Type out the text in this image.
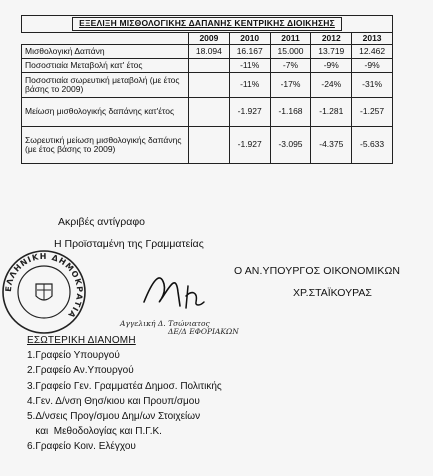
ΕΞΕΛΙΞΗ ΜΙΣΘΟΛΟΓΙΚΗΣ ΔΑΠΑΝΗΣ ΚΕΝΤΡΙΚΗΣ ΔΙΟΙΚΗΣΗΣ					
	2009	2010	2011	2012	2013
Μισθολογική Δαπάνη	18.094	16.167	15.000	13.719	12.462
Ποσοστιαία Μεταβολή κατ' έτος		-11%	-7%	-9%	-9%
Ποσοστιαία σωρευτική μεταβολή (με έτος βάσης το 2009)		-11%	-17%	-24%	-31%
Μείωση μισθολογικής δαπάνης κατ'έτος		-1.927	-1.168	-1.281	-1.257
Σωρευτική μείωση μισθολογικής δαπάνης (με έτος βάσης το 2009)		-1.927	-3.095	-4.375	-5.633
Ακριβές αντίγραφο
Η Προϊσταμένη της Γραμματείας
Ο ΑΝ.ΥΠΟΥΡΓΟΣ ΟΙΚΟΝΟΜΙΚΩΝ
ΧΡ.ΣΤΑΪΚΟΥΡΑΣ
ΕΛΛΗΝΙΚΗ ΔΗΜΟΚΡΑΤΙΑ
Αγγελική Δ. Τσώνιατος
ΔΕ/Δ ΕΦΟΡΙΑΚΩΝ
ΕΣΩΤΕΡΙΚΗ ΔΙΑΝΟΜΗ
1.Γραφείο Υπουργού
2.Γραφείο Αν.Υπουργού
3.Γραφείο Γεν. Γραμματέα Δημοσ. Πολιτικής
4.Γεν. Δ/νση Θησ/κιου και Προυπ/σμου
5.Δ/νσεις Προγ/σμου Δημ/ων Στοιχείων
και  Μεθοδολογίας και Π.Γ.Κ.
6.Γραφείο Κοιν. Ελέγχου
